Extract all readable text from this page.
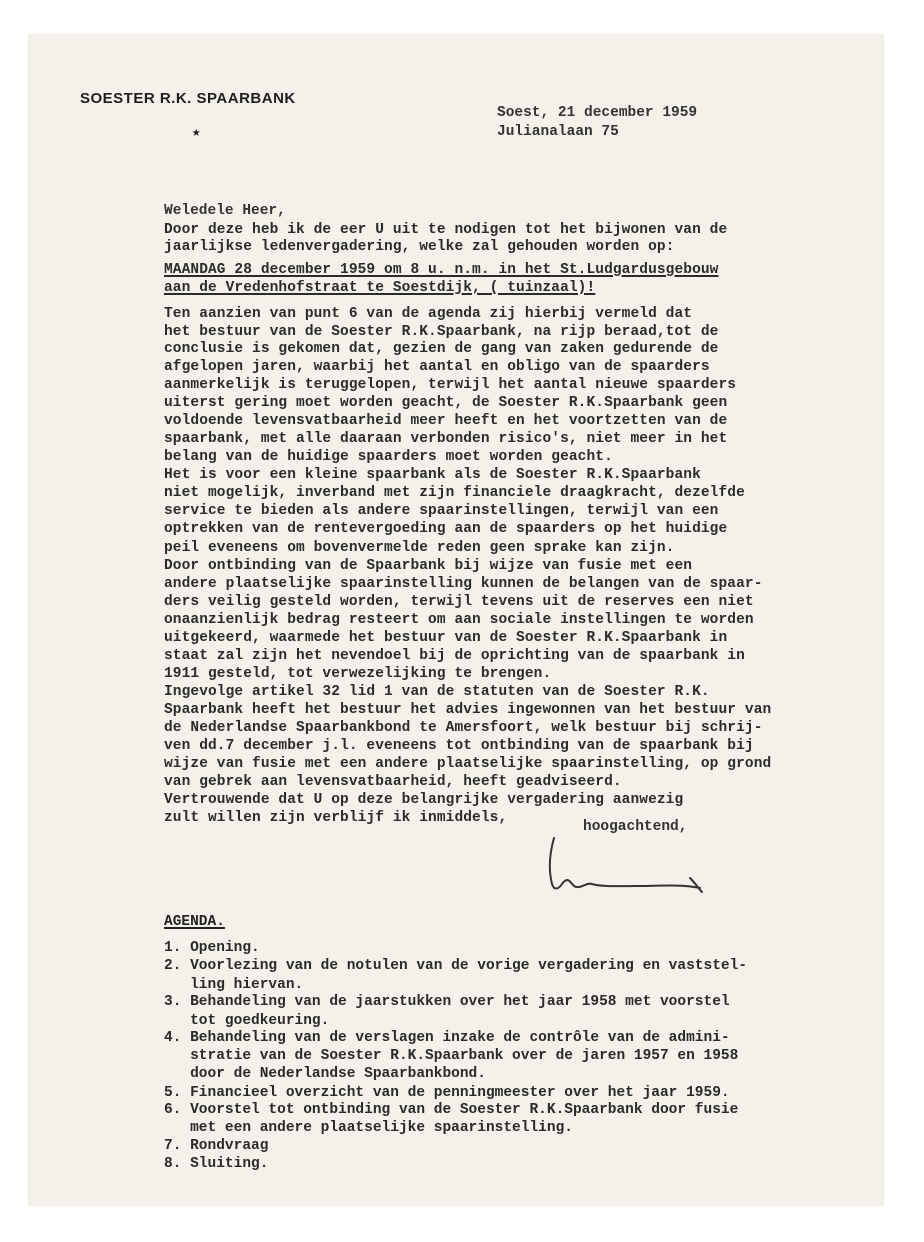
SOESTER R.K. SPAARBANK
★
Soest, 21 december 1959
Julianalaan 75
Weledele Heer,
Door deze heb ik de eer U uit te nodigen tot het bijwonen van de
jaarlijkse ledenvergadering, welke zal gehouden worden op:
MAANDAG 28 december 1959 om 8 u. n.m. in het St.Ludgardusgebouw
aan de Vredenhofstraat te Soestdijk, ( tuinzaal)!
Ten aanzien van punt 6 van de agenda zij hierbij vermeld dat
het bestuur van de Soester R.K.Spaarbank, na rijp beraad,tot de
conclusie is gekomen dat, gezien de gang van zaken gedurende de
afgelopen jaren, waarbij het aantal en obligo van de spaarders
aanmerkelijk is teruggelopen, terwijl het aantal nieuwe spaarders
uiterst gering moet worden geacht, de Soester R.K.Spaarbank geen
voldoende levensvatbaarheid meer heeft en het voortzetten van de
spaarbank, met alle daaraan verbonden risico's, niet meer in het
belang van de huidige spaarders moet worden geacht.
Het is voor een kleine spaarbank als de Soester R.K.Spaarbank
niet mogelijk, inverband met zijn financiele draagkracht, dezelfde
service te bieden als andere spaarinstellingen, terwijl van een
optrekken van de rentevergoeding aan de spaarders op het huidige
peil eveneens om bovenvermelde reden geen sprake kan zijn.
Door ontbinding van de Spaarbank bij wijze van fusie met een
andere plaatselijke spaarinstelling kunnen de belangen van de spaar-
ders veilig gesteld worden, terwijl tevens uit de reserves een niet
onaanzienlijk bedrag resteert om aan sociale instellingen te worden
uitgekeerd, waarmede het bestuur van de Soester R.K.Spaarbank in
staat zal zijn het nevendoel bij de oprichting van de spaarbank in
1911 gesteld, tot verwezelijking te brengen.
Ingevolge artikel 32 lid 1 van de statuten van de Soester R.K.
Spaarbank heeft het bestuur het advies ingewonnen van het bestuur van
de Nederlandse Spaarbankbond te Amersfoort, welk bestuur bij schrij-
ven dd.7 december j.l. eveneens tot ontbinding van de spaarbank bij
wijze van fusie met een andere plaatselijke spaarinstelling, op grond
van gebrek aan levensvatbaarheid, heeft geadviseerd.
Vertrouwende dat U op deze belangrijke vergadering aanwezig
zult willen zijn verblijf ik inmiddels,
hoogachtend,
AGENDA.
1. Opening.
2. Voorlezing van de notulen van de vorige vergadering en vaststel-
ling hiervan.
3. Behandeling van de jaarstukken over het jaar 1958 met voorstel
tot goedkeuring.
4. Behandeling van de verslagen inzake de contrôle van de admini-
stratie van de Soester R.K.Spaarbank over de jaren 1957 en 1958
door de Nederlandse Spaarbankbond.
5. Financieel overzicht van de penningmeester over het jaar 1959.
6. Voorstel tot ontbinding van de Soester R.K.Spaarbank door fusie
met een andere plaatselijke spaarinstelling.
7. Rondvraag
8. Sluiting.
